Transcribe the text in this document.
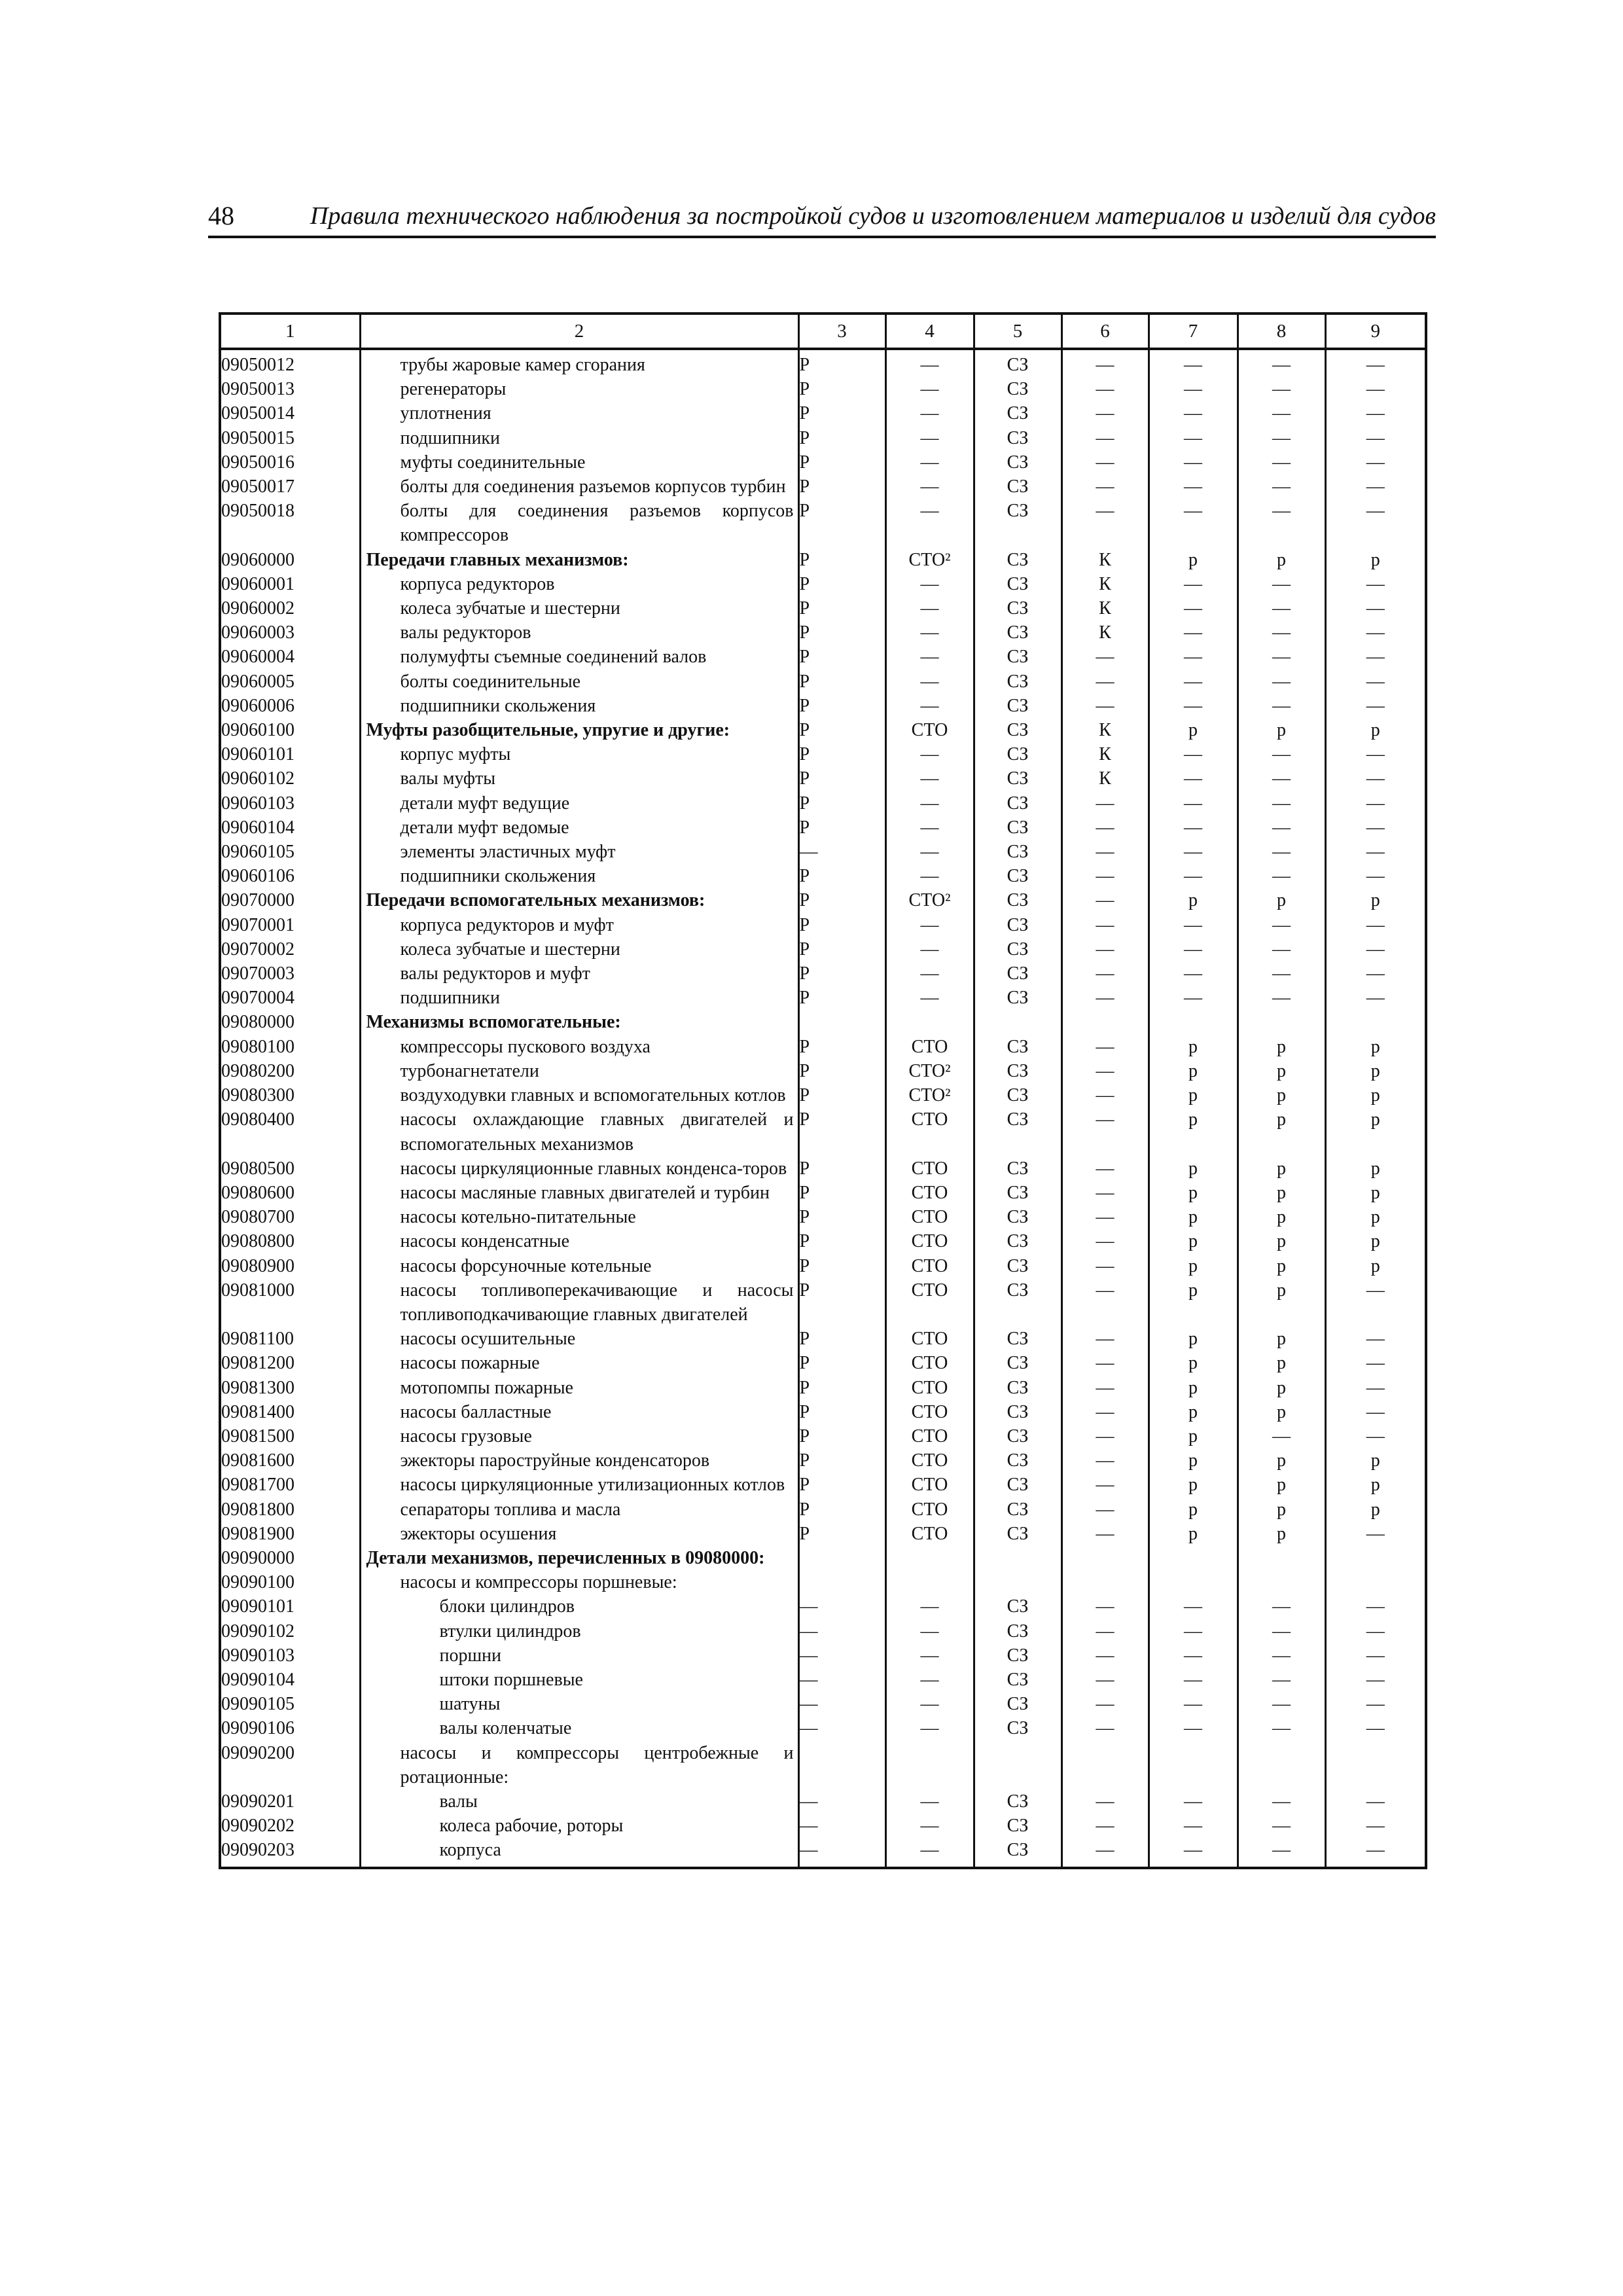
48	Правила технического наблюдения за постройкой судов и изготовлением материалов и изделий для судов
1	2	3	4	5	6	7	8	9
09050012	трубы жаровые камер сгорания	Р	—	СЗ	—	—	—	—
09050013	регенераторы	Р	—	СЗ	—	—	—	—
09050014	уплотнения	Р	—	СЗ	—	—	—	—
09050015	подшипники	Р	—	СЗ	—	—	—	—
09050016	муфты соединительные	Р	—	СЗ	—	—	—	—
09050017	болты для соединения разъемов корпусов турбин	Р	—	СЗ	—	—	—	—
09050018	болты для соединения разъемов корпусов компрессоров	Р	—	СЗ	—	—	—	—
09060000	Передачи главных механизмов:	Р	СТО²	СЗ	К	р	р	р
09060001	корпуса редукторов	Р	—	СЗ	К	—	—	—
09060002	колеса зубчатые и шестерни	Р	—	СЗ	К	—	—	—
09060003	валы редукторов	Р	—	СЗ	К	—	—	—
09060004	полумуфты съемные соединений валов	Р	—	СЗ	—	—	—	—
09060005	болты соединительные	Р	—	СЗ	—	—	—	—
09060006	подшипники скольжения	Р	—	СЗ	—	—	—	—
09060100	Муфты разобщительные, упругие и другие:	Р	СТО	СЗ	К	р	р	р
09060101	корпус муфты	Р	—	СЗ	К	—	—	—
09060102	валы муфты	Р	—	СЗ	К	—	—	—
09060103	детали муфт ведущие	Р	—	СЗ	—	—	—	—
09060104	детали муфт ведомые	Р	—	СЗ	—	—	—	—
09060105	элементы эластичных муфт	—	—	СЗ	—	—	—	—
09060106	подшипники скольжения	Р	—	СЗ	—	—	—	—
09070000	Передачи вспомогательных механизмов:	Р	СТО²	СЗ	—	р	р	р
09070001	корпуса редукторов и муфт	Р	—	СЗ	—	—	—	—
09070002	колеса зубчатые и шестерни	Р	—	СЗ	—	—	—	—
09070003	валы редукторов и муфт	Р	—	СЗ	—	—	—	—
09070004	подшипники	Р	—	СЗ	—	—	—	—
09080000	Механизмы вспомогательные:							

09080100	компрессоры пускового воздуха	Р	СТО	СЗ	—	р	р	р
09080200	турбонагнетатели	Р	СТО²	СЗ	—	р	р	р
09080300	воздуходувки главных и вспомогательных котлов	Р	СТО²	СЗ	—	р	р	р
09080400	насосы охлаждающие главных двигателей и вспомогательных механизмов	Р	СТО	СЗ	—	р	р	р
09080500	насосы циркуляционные главных конденса-торов	Р	СТО	СЗ	—	р	р	р
09080600	насосы масляные главных двигателей и турбин	Р	СТО	СЗ	—	р	р	р
09080700	насосы котельно-питательные	Р	СТО	СЗ	—	р	р	р
09080800	насосы конденсатные	Р	СТО	СЗ	—	р	р	р
09080900	насосы форсуночные котельные	Р	СТО	СЗ	—	р	р	р
09081000	насосы топливоперекачивающие и насосы топливоподкачивающие главных двигателей	Р	СТО	СЗ	—	р	р	—
09081100	насосы осушительные	Р	СТО	СЗ	—	р	р	—
09081200	насосы пожарные	Р	СТО	СЗ	—	р	р	—
09081300	мотопомпы пожарные	Р	СТО	СЗ	—	р	р	—
09081400	насосы балластные	Р	СТО	СЗ	—	р	р	—
09081500	насосы грузовые	Р	СТО	СЗ	—	р	—	—
09081600	эжекторы пароструйные конденсаторов	Р	СТО	СЗ	—	р	р	р
09081700	насосы циркуляционные утилизационных котлов	Р	СТО	СЗ	—	р	р	р
09081800	сепараторы топлива и масла	Р	СТО	СЗ	—	р	р	р
09081900	эжекторы осушения	Р	СТО	СЗ	—	р	р	—
09090000	Детали механизмов, перечисленных в 09080000:							

09090100	насосы и компрессоры поршневые:							

09090101	блоки цилиндров	—	—	СЗ	—	—	—	—
09090102	втулки цилиндров	—	—	СЗ	—	—	—	—
09090103	поршни	—	—	СЗ	—	—	—	—
09090104	штоки поршневые	—	—	СЗ	—	—	—	—
09090105	шатуны	—	—	СЗ	—	—	—	—
09090106	валы коленчатые	—	—	СЗ	—	—	—	—
09090200	насосы и компрессоры центробежные и ротационные:							

09090201	валы	—	—	СЗ	—	—	—	—
09090202	колеса рабочие, роторы	—	—	СЗ	—	—	—	—
09090203	корпуса	—	—	СЗ	—	—	—	—
